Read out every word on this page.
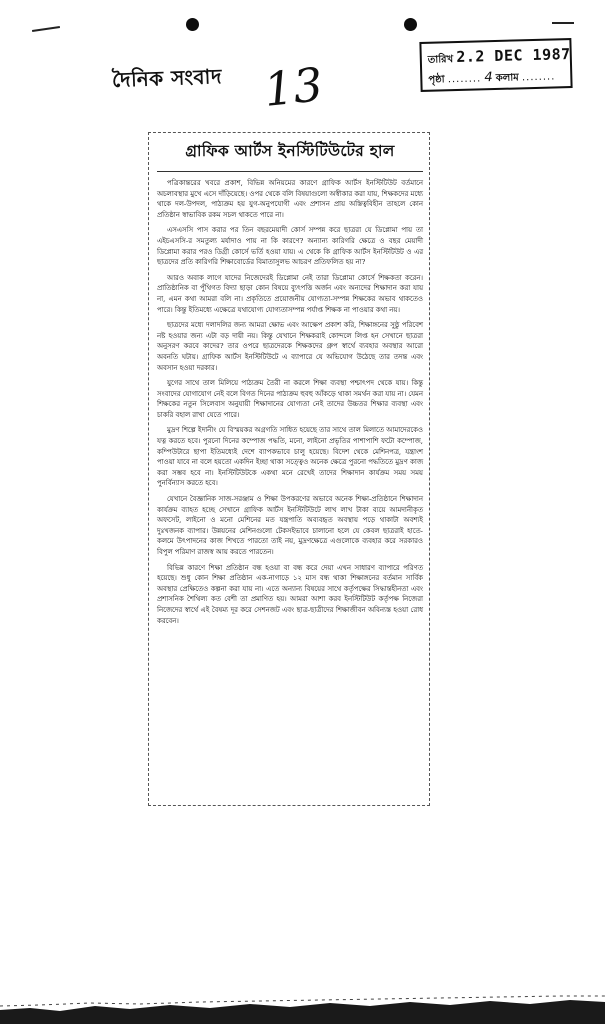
দৈনিক সংবাদ 13	তারিখ 2.2 DEC 1987
পৃষ্ঠা ........ 4 কলাম ........
গ্রাফিক আর্টস ইনস্টিটিউটের হাল

পত্রিকান্তরের খবরে প্রকাশ, বিভিন্ন অনিয়মের কারণে গ্রাফিক আর্টস ইনস্টিটিউট বর্তমানে অচলাবস্থার মুখে এসে দাঁড়িয়েছে। ওপর থেকে বলি বিষয়াগুলো অস্বীকার করা যায়, শিক্ষকদের মধ্যে থাকে দল-উপদল, পাঠ্যক্রম হয় যুগ-অনুপযোগী এবং প্রশাসন প্রায় অস্তিত্ববিহীন তাহলে কোন প্রতিষ্ঠান স্বাভাবিক রকম সচল থাকতে পারে না।

এসএসসি পাস করার পর তিন বছরমেয়াদী কোর্স সম্পন্ন করে ছাত্ররা যে ডিপ্লোমা পায় তা এইচএসসি-র সমতুল্য মর্যাদাও পায় না কি কারণে? অন্যান্য কারিগরি ক্ষেত্রে ও বছর মেয়াদী ডিপ্লোমা করার পরও ডিগ্রী কোর্সে ভর্তি হওয়া যায়। এ থেকে কি গ্রাফিক আর্টস ইনস্টিটিউট ও এর ছাত্রদের প্রতি কারিগরি শিক্ষাবোর্ডের বিমাতাসুলভ আচরণ প্রতিফলিত হয় না?

আরও অবাক লাগে যাদের নিজেদেরই ডিপ্লোমা নেই তারা ডিপ্লোমা কোর্সে শিক্ষকতা করেন। প্রাতিষ্ঠানিক বা পুঁথিগত বিদ্যা ছাড়া কোন বিষয়ে ব্যুৎপত্তি অর্জন এবং অন্যদের শিক্ষাদান করা যায় না, এমন কথা আমরা বলি না। প্রকৃতিতে প্রয়োজনীয় যোগ্যতা-সম্পন্ন শিক্ষকের অভাব থাকতেও পারে। কিন্তু ইতিমধ্যে এক্ষেত্রে যথাযোগ্য যোগ্যতাসম্পন্ন পর্যাপ্ত শিক্ষক না পাওয়ার কথা নয়।

ছাত্রদের মধ্যে দলাদলির জন্য আমরা ক্ষোভ এবং আক্ষেপ প্রকাশ করি, শিক্ষাঙ্গনের সুষ্ঠু পরিবেশ নষ্ট হওয়ার জন্য এটা বড় দায়ী নয়। কিন্তু যেখানে শিক্ষকরাই কোন্দলে লিপ্ত হন সেখানে ছাত্ররা অনুসরণ করবে কাদের? তার ওপরে ছাত্রদেরকে শিক্ষকদের গ্রুপ স্বার্থে ব্যবহার অবস্থার আরো অবনতি ঘটায়। গ্রাফিক আর্টস ইনস্টিটিউটে এ ব্যাপারে যে অভিযোগ উঠেছে তার তদন্ত এবং অবসান হওয়া দরকার।

যুগের সাথে তাল মিলিয়ে পাঠ্যক্রম তৈরী না করলে শিক্ষা ব্যবস্থা পশ্চাৎপদ থেকে যায়। কিন্তু সংবাদের যোগাযোগ নেই বলে বিগত দিনের পাঠ্যক্রম হুবহু আঁকড়ে থাকা সমর্থন করা যায় না। যেমন শিক্ষকের নতুন সিলেবাস অনুযায়ী শিক্ষাদানের যোগ্যতা নেই তাদের উচ্চতর শিক্ষার ব্যবস্থা এবং চাকরি বহাল রাখা যেতে পারে।

মুদ্রণ শিল্পে ইদানীং যে বিস্ময়কর অগ্রগতি সাধিত হয়েছে তার সাথে তাল মিলাতে আমাদেরকেও যত্ন করতে হবে। পুরনো দিনের কম্পোজ পদ্ধতি, মনো, লাইনো প্রভৃতির পাশাপাশি ফটো কম্পোজ, কম্পিউটারে ছাপা ইতিমধ্যেই দেশে ব্যাপকভাবে চালু হয়েছে। বিদেশ থেকে মেশিনপত্র, যন্ত্রাংশ পাওয়া যাবে না বলে হয়তো একদিন ইচ্ছা থাকা সত্ত্বেও অনেক ক্ষেত্রে পুরনো পদ্ধতিতে মুদ্রণ কাজ করা সম্ভব হবে না। ইনস্টিটিউটকে একথা মনে রেখেই তাদের শিক্ষাদান কার্যক্রম সময় সময় পুনর্বিন্যাস করতে হবে।

যেখানে বৈজ্ঞানিক সাজ-সরঞ্জাম ও শিক্ষা উপকরণের অভাবে অনেক শিক্ষা-প্রতিষ্ঠানে শিক্ষাদান কার্যক্রম ব্যাহত হচ্ছে সেখানে গ্রাফিক আর্টস ইনস্টিটিউটে লাখ লাখ টাকা ব্যয়ে আমদানীকৃত অফসেট, লাইনো ও মনো মেশিনের মত যন্ত্রপাতি অব্যবহৃত অবস্থায় পড়ে থাকাটা অবশ্যই দুঃখজনক ব্যাপার। উন্নয়নের মেশিনগুলো টেকসইভাবে চালানো হলে যে কেবল ছাত্ররাই হাতে-কলমে উৎপাদনের কাজ শিখতে পারতো তাই নয়, মুদ্রণক্ষেত্রে এগুলোকে ব্যবহার করে সরকারও বিপুল পরিমাণ রাজস্ব আয় করতে পারতেন।

বিভিন্ন কারণে শিক্ষা প্রতিষ্ঠান বন্ধ হওয়া বা বন্ধ করে দেয়া এখন সাধারণ ব্যাপারে পরিণত হয়েছে। শুধু কোন শিক্ষা প্রতিষ্ঠান এক-নাগাড়ে ১২ মাস বন্ধ থাকা শিক্ষাঙ্গনের বর্তমান সার্বিক অবস্থার প্রেক্ষিতেও কল্পনা করা যায় না। এতে অন্যান্য বিষয়ের সাথে কর্তৃপক্ষের সিদ্ধান্তহীনতা এবং প্রশাসনিক শৈথিল্য কত বেশী তা প্রমাণিত হয়। আমরা আশা করব ইনস্টিটিউট কর্তৃপক্ষ নিজেরা নিজেদের স্বার্থে এই বৈষম্য দূর করে সেশনজট এবং ছাত্র-ছাত্রীদের শিক্ষাজীবন অবিন্যস্ত হওয়া রোধ করবেন।
